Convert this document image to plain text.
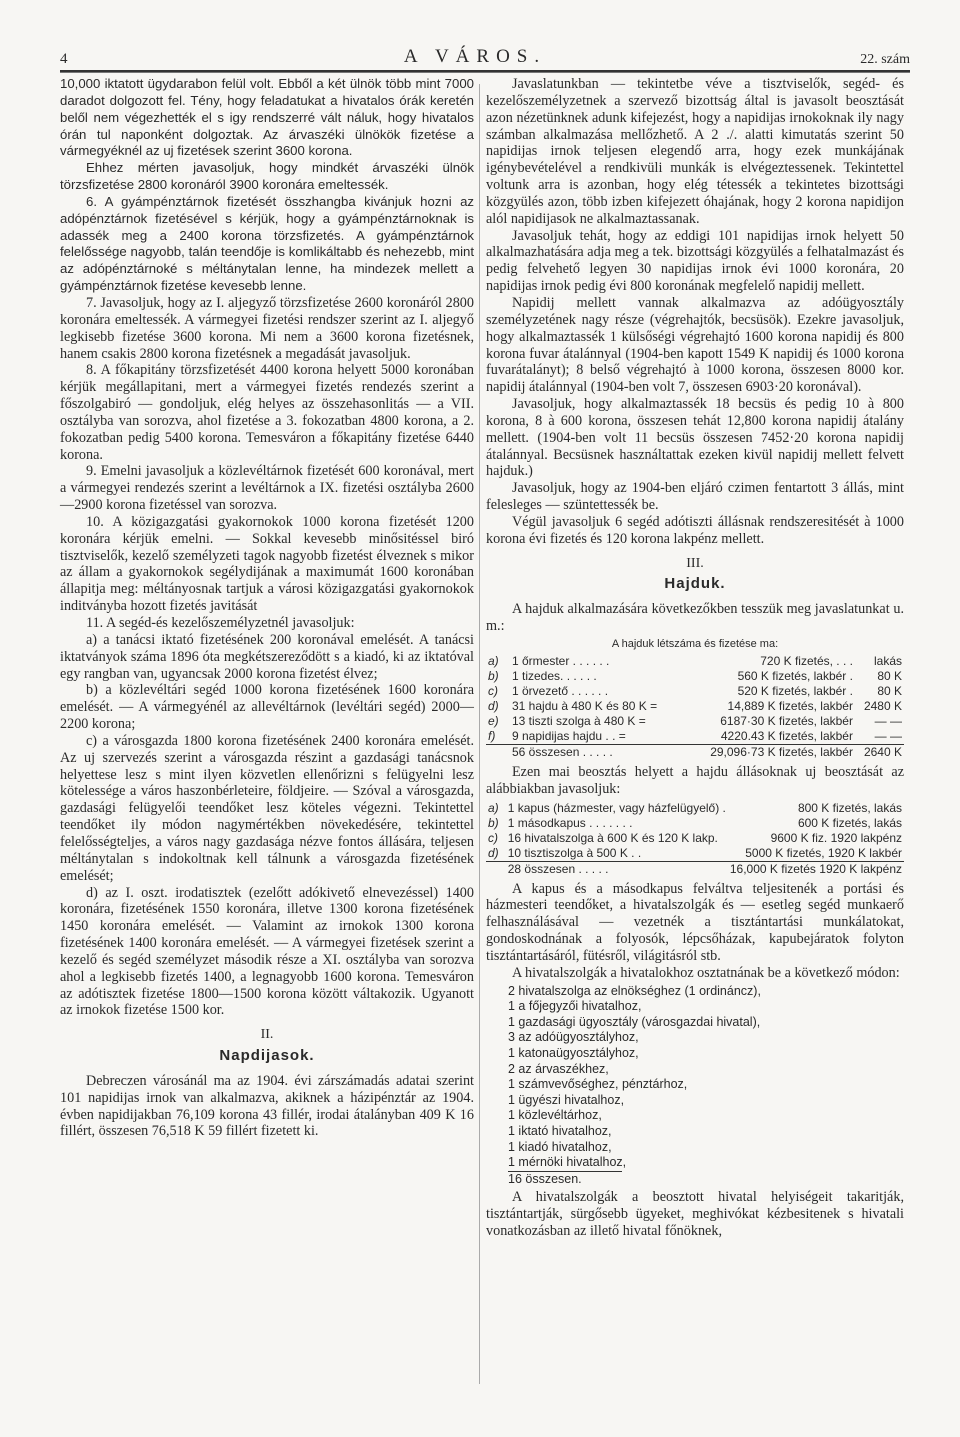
4	A VÁROS.	22. szám

10,000 iktatott ügydarabon felül volt. Ebből a két ülnök több mint 7000 daradot dolgozott fel. Tény, hogy feladatukat a hivatalos órák keretén belől nem végezhették el s igy rendszerré vált náluk, hogy hivatalos órán tul naponként dolgoztak. Az árvaszéki ülnökök fizetése a vármegyéknél az uj fizetések szerint 3600 korona.

Ehhez mérten javasoljuk, hogy mindkét árvaszéki ülnök törzsfizetése 2800 koronáról 3900 koronára emeltessék.

6. A gyámpénztárnok fizetését összhangba kivánjuk hozni az adópénztárnok fizetésével s kérjük, hogy a gyámpénztárnoknak is adassék meg a 2400 korona törzsfizetés. A gyámpénztárnok felelőssége nagyobb, talán teendője is komlikáltabb és nehezebb, mint az adópénztárnoké s méltánytalan lenne, ha mindezek mellett a gyámpénztárnok fizetése kevesebb lenne.

7. Javasoljuk, hogy az I. aljegyző törzsfizetése 2600 koronáról 2800 koronára emeltessék. A vármegyei fizetési rendszer szerint az I. aljegyő legkisebb fizetése 3600 korona. Mi nem a 3600 korona fizetésnek, hanem csakis 2800 korona fizetésnek a megadását javasoljuk.

8. A főkapitány törzsfizetését 4400 korona helyett 5000 koronában kérjük megállapitani, mert a vármegyei fizetés rendezés szerint a főszolgabiró — gondoljuk, elég helyes az összehasonlitás — a VII. osztályba van sorozva, ahol fizetése a 3. fokozatban 4800 korona, a 2. fokozatban pedig 5400 korona. Temesváron a főkapitány fizetése 6440 korona.

9. Emelni javasoljuk a közlevéltárnok fizetését 600 koronával, mert a vármegyei rendezés szerint a levéltárnok a IX. fizetési osztályba 2600—2900 korona fizetéssel van sorozva.

10. A közigazgatási gyakornokok 1000 korona fizetését 1200 koronára kérjük emelni. — Sokkal kevesebb minősitéssel biró tisztviselők, kezelő személyzeti tagok nagyobb fizetést élveznek s mikor az állam a gyakornokok segélydijának a maximumát 1600 koronában állapitja meg: méltányosnak tartjuk a városi közigazgatási gyakornokok inditványba hozott fizetés javitását

11. A segéd-és kezelőszemélyzetnél javasoljuk:

a) a tanácsi iktató fizetésének 200 koronával emelését. A tanácsi iktatványok száma 1896 óta megkétszereződött s a kiadó, ki az iktatóval egy rangban van, ugyancsak 2000 korona fizetést élvez;

b) a közlevéltári segéd 1000 korona fizetésének 1600 koronára emelését. — A vármegyénél az allevéltárnok (levéltári segéd) 2000—2200 korona;

c) a városgazda 1800 korona fizetésének 2400 koronára emelését. Az uj szervezés szerint a városgazda részint a gazdasági tanácsnok helyettese lesz s mint ilyen közvetlen ellenőrizni s felügyelni lesz kötelessége a város haszonbérleteire, földjeire. — Szóval a városgazda, gazdasági felügyelői teendőket lesz köteles végezni. Tekintettel teendőket ily módon nagymértékben növekedésére, tekintettel felelősségteljes, a város nagy gazdasága nézve fontos állására, teljesen méltánytalan s indokoltnak kell tálnunk a városgazda fizetésének emelését;

d) az I. oszt. irodatisztek (ezelőtt adókivető elnevezéssel) 1400 koronára, fizetésének 1550 koronára, illetve 1300 korona fizetésének 1450 koronára emelését. — Valamint az irnokok 1300 korona fizetésének 1400 koronára emelését. — A vármegyei fizetések szerint a kezelő és segéd személyzet második része a XI. osztályba van sorozva ahol a legkisebb fizetés 1400, a legnagyobb 1600 korona. Temesváron az adótisztek fizetése 1800—1500 korona között váltakozik. Ugyanott az irnokok fizetése 1500 kor.

II.
Napdijasok.

Debreczen városánál ma az 1904. évi zárszámadás adatai szerint 101 napidijas irnok van alkalmazva, akiknek a házipénztár az 1904. évben napidijakban 76,109 korona 43 fillér, irodai átalányban 409 K 16 fillért, összesen 76,518 K 59 fillért fizetett ki.

Javaslatunkban — tekintetbe véve a tisztviselők, segéd- és kezelőszemélyzetnek a szervező bizottság által is javasolt beosztását azon nézetünknek adunk kifejezést, hogy a napidijas irnokoknak ily nagy számban alkalmazása mellőzhető. A 2 ./. alatti kimutatás szerint 50 napidijas irnok teljesen elegendő arra, hogy ezek munkájának igénybevételével a rendkivüli munkák is elvégeztessenek. Tekintettel voltunk arra is azonban, hogy elég tétessék a tekintetes bizottsági közgyülés azon, több izben kifejezett óhajának, hogy 2 korona napidijon alól napidijasok ne alkalmaztassanak.

Javasoljuk tehát, hogy az eddigi 101 napidijas irnok helyett 50 alkalmazhatására adja meg a tek. bizottsági közgyülés a felhatalmazást és pedig felvehető legyen 30 napidijas irnok évi 1000 koronára, 20 napidijas irnok pedig évi 800 koronának megfelelő napidij mellett.

Napidij mellett vannak alkalmazva az adóügyosztály személyzetének nagy része (végrehajtók, becsüsök). Ezekre javasoljuk, hogy alkalmaztassék 1 külsőségi végrehajtó 1600 korona napidij és 800 korona fuvar átalánnyal (1904-ben kapott 1549 K napidij és 1000 korona fuvarátalányt); 8 belső végrehajtó à 1000 korona, összesen 8000 kor. napidij átalánnyal (1904-ben volt 7, összesen 6903·20 koronával).

Javasoljuk, hogy alkalmaztassék 18 becsüs és pedig 10 à 800 korona, 8 à 600 korona, összesen tehát 12,800 korona napidij átalány mellett. (1904-ben volt 11 becsüs összesen 7452·20 korona napidij átalánnyal. Becsüsnek használtattak ezeken kivül napidij mellett felvett hajduk.)

Javasoljuk, hogy az 1904-ben eljáró czimen fentartott 3 állás, mint felesleges — szüntettessék be.

Végül javasoljuk 6 segéd adótiszti állásnak rendszeresitését à 1000 korona évi fizetés és 120 korona lakpénz mellett.

III.
Hajduk.

A hajduk alkalmazására következőkben tesszük meg javaslatunkat u. m.:

A hajduk létszáma és fizetése ma:
a)	1 őrmester . . . . . .	720 K fizetés, . . .	lakás
b)	1 tizedes. . . . . .	560 K fizetés, lakbér .	80 K
c)	1 örvezető . . . . . .	520 K fizetés, lakbér .	80 K
d)	31 hajdu à 480 K és 80 K =	14,889 K fizetés, lakbér	2480 K
e)	13 tiszti szolga à 480 K =	6187·30 K fizetés, lakbér	— —
f)	9 napidijas hajdu . . =	4220.43 K fizetés, lakbér	— —
	56 összesen . . . . .	29,096·73 K fizetés, lakbér	2640 K

Ezen mai beosztás helyett a hajdu állásoknak uj beosztását az alábbiakban javasoljuk:

a)	1 kapus (házmester, vagy házfelügyelő) .	800 K fizetés, lakás
b)	1 másodkapus . . . . . . .	600 K fizetés, lakás
c)	16 hivatalszolga à 600 K és 120 K lakp.	9600 K fiz. 1920 lakpénz
d)	10 tisztiszolga à 500 K . .	5000 K fizetés, 1920 K lakbér
	28 összesen . . . . .	16,000 K fizetés 1920 K lakpénz

A kapus és a másodkapus felváltva teljesitenék a portási és házmesteri teendőket, a hivatalszolgák és — esetleg segéd munkaerő felhasználásával — vezetnék a tisztántartási munkálatokat, gondoskodnának a folyosók, lépcsőházak, kapubejáratok folyton tisztántartásáról, fütésről, világitásról stb.

A hivatalszolgák a hivatalokhoz osztatnának be a következő módon:

2 hivatalszolga az elnökséghez (1 ordináncz),
1 a főjegyzői hivatalhoz,
1 gazdasági ügyosztály (városgazdai hivatal),
3 az adóügyosztályhoz,
1 katonaügyosztályhoz,
2 az árvaszékhez,
1 számvevőséghez, pénztárhoz,
1 ügyészi hivatalhoz,
1 közlevéltárhoz,
1 iktató hivatalhoz,
1 kiadó hivatalhoz,
1 mérnöki hivatalhoz,
16 összesen.

A hivatalszolgák a beosztott hivatal helyiségeit takaritják, tisztántartják, sürgősebb ügyeket, meghivókat kézbesitenek s hivatali vonatkozásban az illető hivatal főnöknek,
